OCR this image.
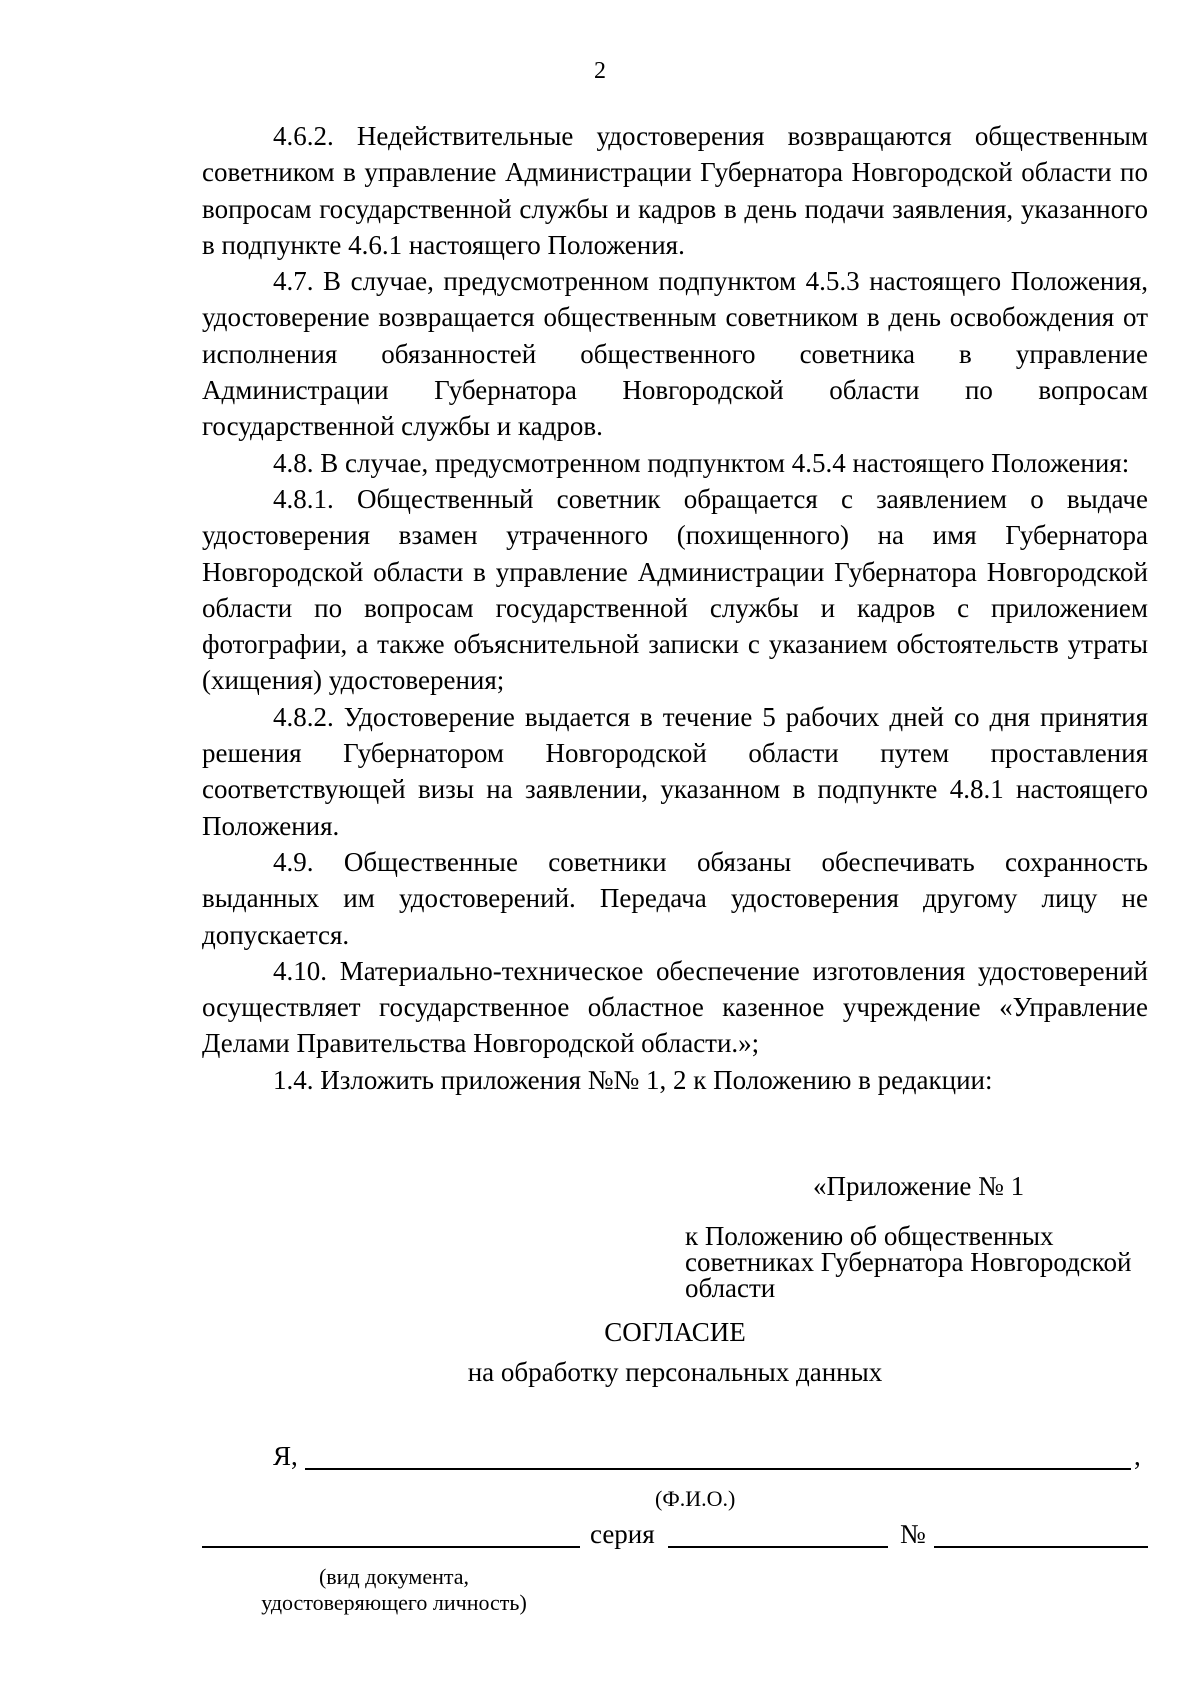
2

4.6.2. Недействительные удостоверения возвращаются общественным советником в управление Администрации Губернатора Новгородской области по вопросам государственной службы и кадров в день подачи заявления, указанного в подпункте 4.6.1 настоящего Положения.

4.7. В случае, предусмотренном подпунктом 4.5.3 настоящего Положения, удостоверение возвращается общественным советником в день освобождения от исполнения обязанностей общественного советника в управление Администрации Губернатора Новгородской области по вопросам государственной службы и кадров.

4.8. В случае, предусмотренном подпунктом 4.5.4 настоящего Положения:

4.8.1. Общественный советник обращается с заявлением о выдаче удостоверения взамен утраченного (похищенного) на имя Губернатора Новгородской области в управление Администрации Губернатора Новгородской области по вопросам государственной службы и кадров с приложением фотографии, а также объяснительной записки с указанием обстоятельств утраты (хищения) удостоверения;

4.8.2. Удостоверение выдается в течение 5 рабочих дней со дня принятия решения Губернатором Новгородской области путем проставления соответствующей визы на заявлении, указанном в подпункте 4.8.1 настоящего Положения.

4.9. Общественные советники обязаны обеспечивать сохранность выданных им удостоверений. Передача удостоверения другому лицу не допускается.

4.10. Материально-техническое обеспечение изготовления удостоверений осуществляет государственное областное казенное учреждение «Управление Делами Правительства Новгородской области.»;

1.4. Изложить приложения №№ 1, 2 к Положению в редакции:

«Приложение № 1
к Положению об общественных
советниках Губернатора Новгородской
области
СОГЛАСИЕ
на обработку персональных данных
Я,	,
(Ф.И.О.)
серия	№
(вид документа,
удостоверяющего личность)
